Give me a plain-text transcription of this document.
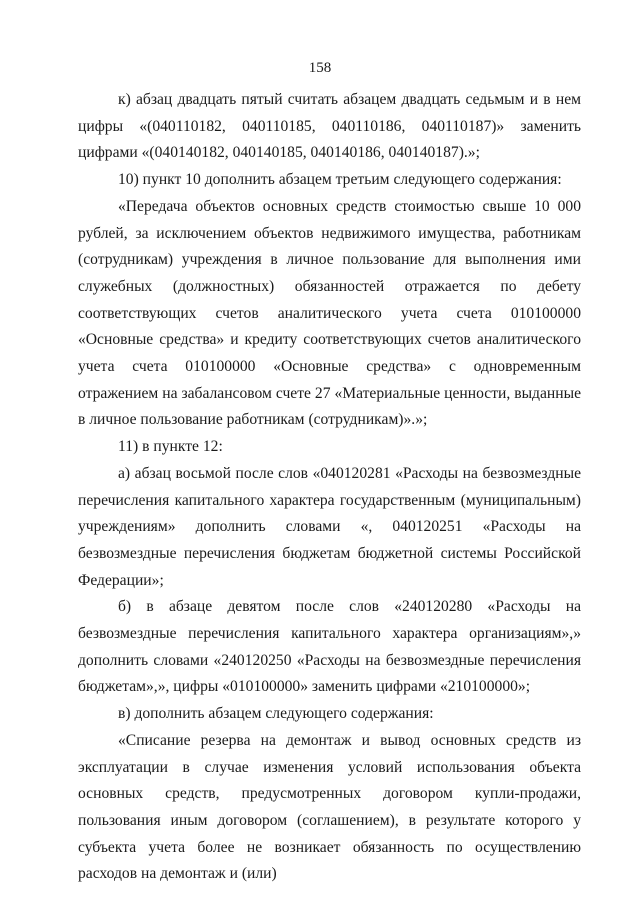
158

к) абзац двадцать пятый считать абзацем двадцать седьмым и в нем цифры «(040110182, 040110185, 040110186, 040110187)» заменить цифрами «(040140182, 040140185, 040140186, 040140187).»;

10) пункт 10 дополнить абзацем третьим следующего содержания:

«Передача объектов основных средств стоимостью свыше 10 000 рублей, за исключением объектов недвижимого имущества, работникам (сотрудникам) учреждения в личное пользование для выполнения ими служебных (должностных) обязанностей отражается по дебету соответствующих счетов аналитического учета счета 010100000 «Основные средства» и кредиту соответствующих счетов аналитического учета счета 010100000 «Основные средства» с одновременным отражением на забалансовом счете 27 «Материальные ценности, выданные в личное пользование работникам (сотрудникам)».»;

11) в пункте 12:

а) абзац восьмой после слов «040120281 «Расходы на безвозмездные перечисления капитального характера государственным (муниципальным) учреждениям» дополнить словами «, 040120251 «Расходы на безвозмездные перечисления бюджетам бюджетной системы Российской Федерации»;

б) в абзаце девятом после слов «240120280 «Расходы на безвозмездные перечисления капитального характера организациям»,» дополнить словами «240120250 «Расходы на безвозмездные перечисления бюджетам»,», цифры «010100000» заменить цифрами «210100000»;

в) дополнить абзацем следующего содержания:

«Списание резерва на демонтаж и вывод основных средств из эксплуатации в случае изменения условий использования объекта основных средств, предусмотренных договором купли-продажи, пользования иным договором (соглашением), в результате которого у субъекта учета более не возникает обязанность по осуществлению расходов на демонтаж и (или)
